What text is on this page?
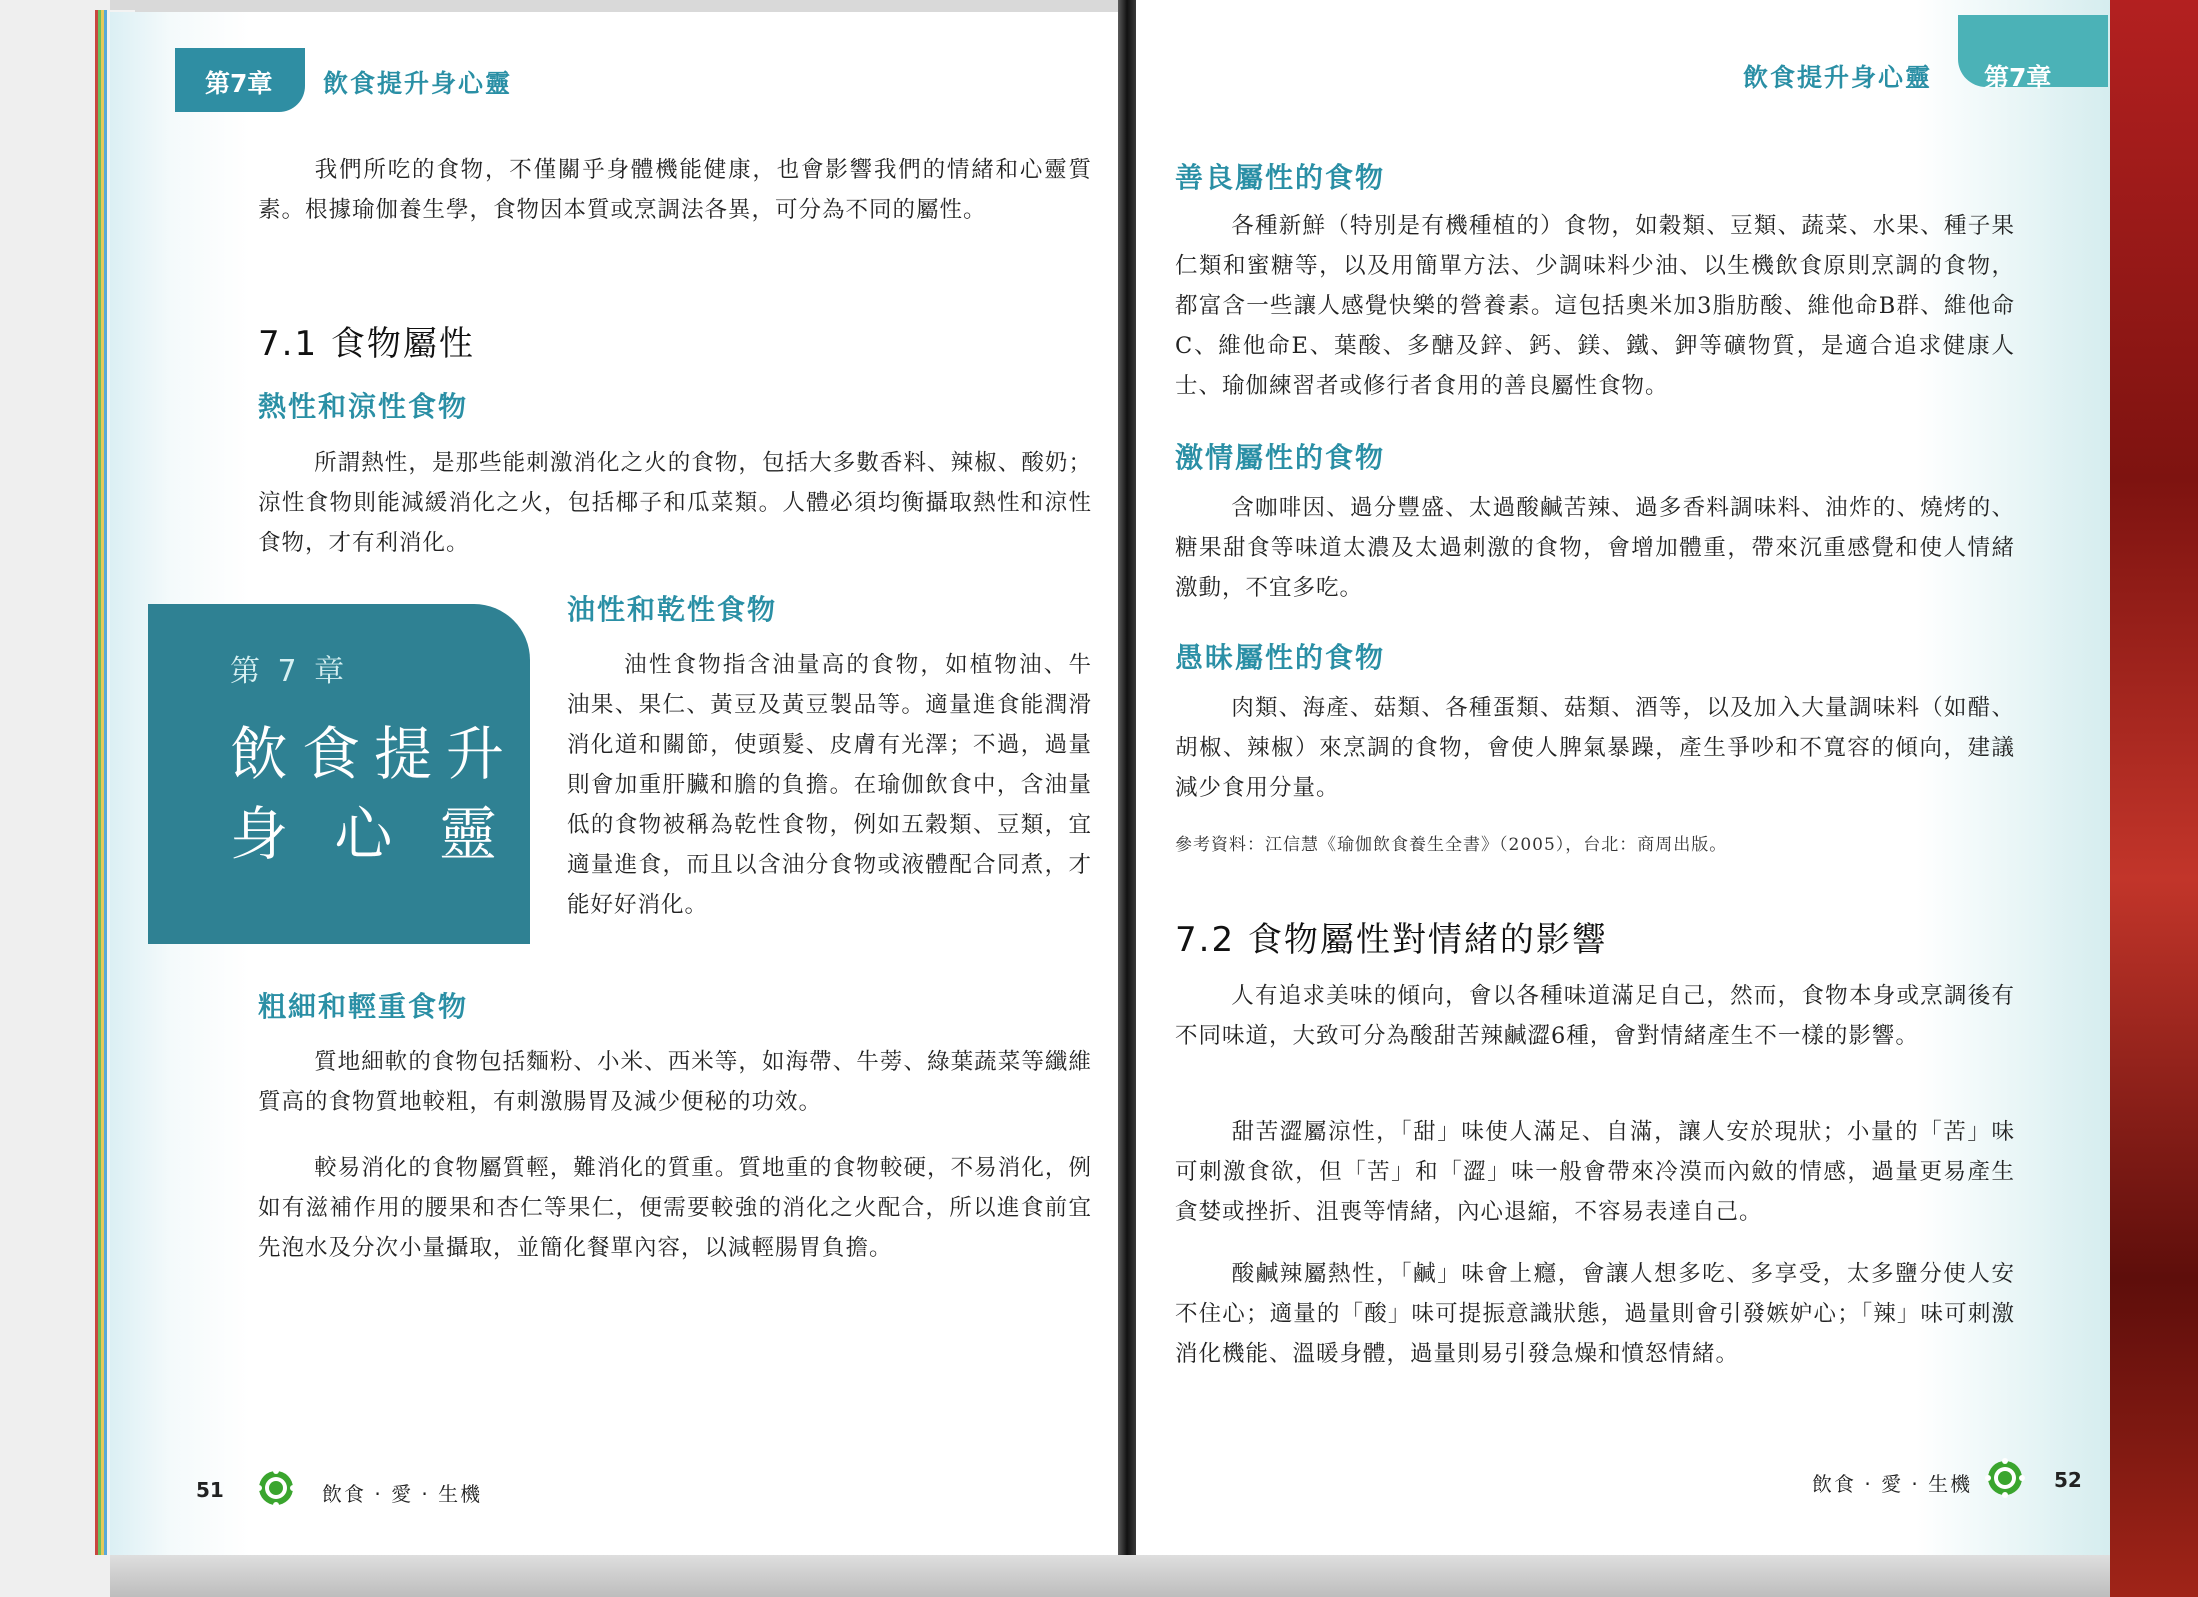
第7章 飲食提升身心靈
我們所吃的食物，不僅關乎身體機能健康，也會影響我們的情緒和心靈質素。根據瑜伽養生學，食物因本質或烹調法各異，可分為不同的屬性。
7.1 食物屬性
熱性和涼性食物
所謂熱性，是那些能刺激消化之火的食物，包括大多數香料、辣椒、酸奶；涼性食物則能減緩消化之火，包括椰子和瓜菜類。人體必須均衡攝取熱性和涼性食物，才有利消化。
第 7 章
飲食提升
身 心 靈
油性和乾性食物
油性食物指含油量高的食物，如植物油、牛油果、果仁、黃豆及黃豆製品等。適量進食能潤滑消化道和關節，使頭髮、皮膚有光澤；不過，過量則會加重肝臟和膽的負擔。在瑜伽飲食中，含油量低的食物被稱為乾性食物，例如五穀類、豆類，宜適量進食，而且以含油分食物或液體配合同煮，才能好好消化。
粗細和輕重食物
質地細軟的食物包括麵粉、小米、西米等，如海帶、牛蒡、綠葉蔬菜等纖維質高的食物質地較粗，有刺激腸胃及減少便秘的功效。
較易消化的食物屬質輕，難消化的質重。質地重的食物較硬，不易消化，例如有滋補作用的腰果和杏仁等果仁，便需要較強的消化之火配合，所以進食前宜先泡水及分次小量攝取，並簡化餐單內容，以減輕腸胃負擔。
51	飲食 · 愛 · 生機
飲食提升身心靈 第7章
善良屬性的食物
各種新鮮（特別是有機種植的）食物，如穀類、豆類、蔬菜、水果、種子果仁類和蜜糖等，以及用簡單方法、少調味料少油、以生機飲食原則烹調的食物，都富含一些讓人感覺快樂的營養素。這包括奧米加3脂肪酸、維他命B群、維他命C、維他命E、葉酸、多醣及鋅、鈣、鎂、鐵、鉀等礦物質，是適合追求健康人士、瑜伽練習者或修行者食用的善良屬性食物。
激情屬性的食物
含咖啡因、過分豐盛、太過酸鹹苦辣、過多香料調味料、油炸的、燒烤的、糖果甜食等味道太濃及太過刺激的食物，會增加體重，帶來沉重感覺和使人情緒激動，不宜多吃。
愚昧屬性的食物
肉類、海產、菇類、各種蛋類、菇類、酒等，以及加入大量調味料（如醋、胡椒、辣椒）來烹調的食物，會使人脾氣暴躁，產生爭吵和不寬容的傾向，建議減少食用分量。
參考資料：江信慧《瑜伽飲食養生全書》（2005），台北：商周出版。
7.2 食物屬性對情緒的影響
人有追求美味的傾向，會以各種味道滿足自己，然而，食物本身或烹調後有不同味道，大致可分為酸甜苦辣鹹澀6種，會對情緒產生不一樣的影響。
甜苦澀屬涼性，「甜」味使人滿足、自滿，讓人安於現狀；小量的「苦」味可刺激食欲，但「苦」和「澀」味一般會帶來冷漠而內斂的情感，過量更易產生貪婪或挫折、沮喪等情緒，內心退縮，不容易表達自己。
酸鹹辣屬熱性，「鹹」味會上癮，會讓人想多吃、多享受，太多鹽分使人安不住心；適量的「酸」味可提振意識狀態，過量則會引發嫉妒心；「辣」味可刺激消化機能、溫暖身體，過量則易引發急燥和憤怒情緒。
飲食 · 愛 · 生機	52
